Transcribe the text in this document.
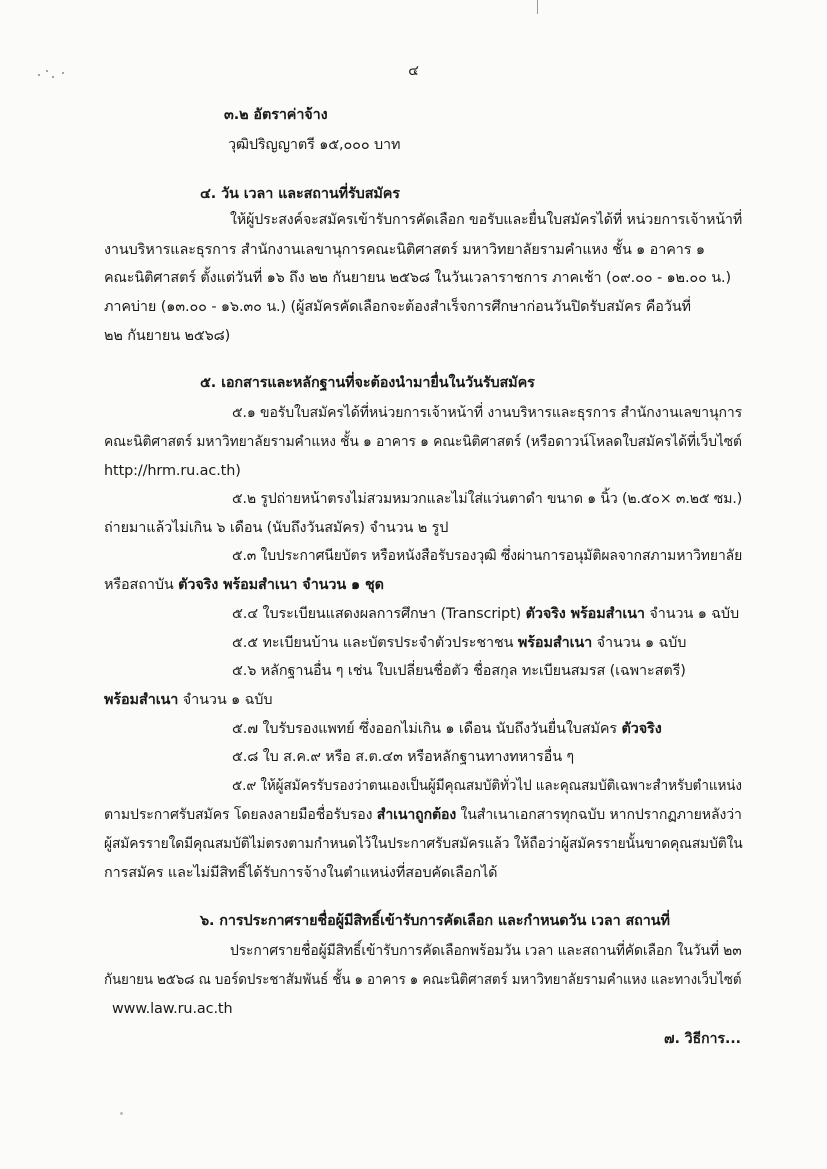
๔
๓.๒ อัตราค่าจ้าง
วุฒิปริญญาตรี ๑๕,๐๐๐ บาท
๔. วัน เวลา และสถานที่รับสมัคร
ให้ผู้ประสงค์จะสมัครเข้ารับการคัดเลือก ขอรับและยื่นใบสมัครได้ที่ หน่วยการเจ้าหน้าที่
งานบริหารและธุรการ สำนักงานเลขานุการคณะนิติศาสตร์ มหาวิทยาลัยรามคำแหง ชั้น ๑ อาคาร ๑
คณะนิติศาสตร์ ตั้งแต่วันที่ ๑๖ ถึง ๒๒ กันยายน ๒๕๖๘ ในวันเวลาราชการ ภาคเช้า (๐๙.๐๐ - ๑๒.๐๐ น.)
ภาคบ่าย (๑๓.๐๐ - ๑๖.๓๐ น.) (ผู้สมัครคัดเลือกจะต้องสำเร็จการศึกษาก่อนวันปิดรับสมัคร คือวันที่
๒๒ กันยายน ๒๕๖๘)
๕. เอกสารและหลักฐานที่จะต้องนำมายื่นในวันรับสมัคร
๕.๑ ขอรับใบสมัครได้ที่หน่วยการเจ้าหน้าที่ งานบริหารและธุรการ สำนักงานเลขานุการ
คณะนิติศาสตร์ มหาวิทยาลัยรามคำแหง ชั้น ๑ อาคาร ๑ คณะนิติศาสตร์ (หรือดาวน์โหลดใบสมัครได้ที่เว็บไซต์
http://hrm.ru.ac.th)
๕.๒ รูปถ่ายหน้าตรงไม่สวมหมวกและไม่ใส่แว่นตาดำ ขนาด ๑ นิ้ว (๒.๕๐× ๓.๒๕ ซม.)
ถ่ายมาแล้วไม่เกิน ๖ เดือน (นับถึงวันสมัคร) จำนวน ๒ รูป
๕.๓ ใบประกาศนียบัตร หรือหนังสือรับรองวุฒิ ซึ่งผ่านการอนุมัติผลจากสภามหาวิทยาลัย
หรือสถาบัน ตัวจริง พร้อมสำเนา จำนวน ๑ ชุด
๕.๔ ใบระเบียนแสดงผลการศึกษา (Transcript) ตัวจริง พร้อมสำเนา จำนวน ๑ ฉบับ
๕.๕ ทะเบียนบ้าน และบัตรประจำตัวประชาชน พร้อมสำเนา จำนวน ๑ ฉบับ
๕.๖ หลักฐานอื่น ๆ เช่น ใบเปลี่ยนชื่อตัว ชื่อสกุล ทะเบียนสมรส (เฉพาะสตรี)
พร้อมสำเนา จำนวน ๑ ฉบับ
๕.๗ ใบรับรองแพทย์ ซึ่งออกไม่เกิน ๑ เดือน นับถึงวันยื่นใบสมัคร ตัวจริง
๕.๘ ใบ ส.ค.๙ หรือ ส.ต.๔๓ หรือหลักฐานทางทหารอื่น ๆ
๕.๙ ให้ผู้สมัครรับรองว่าตนเองเป็นผู้มีคุณสมบัติทั่วไป และคุณสมบัติเฉพาะสำหรับตำแหน่ง
ตามประกาศรับสมัคร โดยลงลายมือชื่อรับรอง สำเนาถูกต้อง ในสำเนาเอกสารทุกฉบับ หากปรากฏภายหลังว่า
ผู้สมัครรายใดมีคุณสมบัติไม่ตรงตามกำหนดไว้ในประกาศรับสมัครแล้ว ให้ถือว่าผู้สมัครรายนั้นขาดคุณสมบัติใน
การสมัคร และไม่มีสิทธิ์ได้รับการจ้างในตำแหน่งที่สอบคัดเลือกได้
๖. การประกาศรายชื่อผู้มีสิทธิ์เข้ารับการคัดเลือก และกำหนดวัน เวลา สถานที่
ประกาศรายชื่อผู้มีสิทธิ์เข้ารับการคัดเลือกพร้อมวัน เวลา และสถานที่คัดเลือก ในวันที่ ๒๓
กันยายน ๒๕๖๘ ณ บอร์ดประชาสัมพันธ์ ชั้น ๑ อาคาร ๑ คณะนิติศาสตร์ มหาวิทยาลัยรามคำแหง และทางเว็บไซต์
www.law.ru.ac.th
๗. วิธีการ...
